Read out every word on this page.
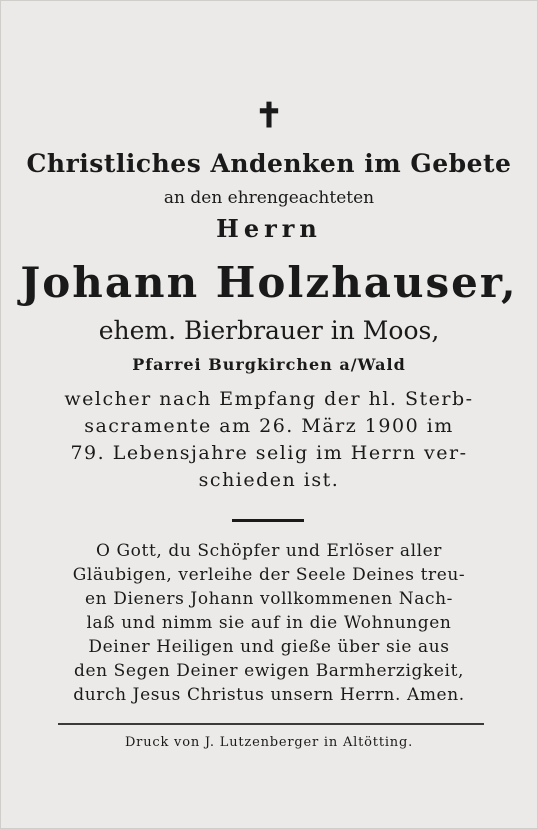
✝
Christliches Andenken im Gebete
an den ehrengeachteten
Herrn
Johann Holzhauser,
ehem. Bierbrauer in Moos,
Pfarrei Burgkirchen a/Wald
welcher nach Empfang der hl. Sterb-
sacramente am 26. März 1900 im
79. Lebensjahre selig im Herrn ver-
schieden ist.
O Gott, du Schöpfer und Erlöser aller
Gläubigen, verleihe der Seele Deines treu-
en Dieners Johann vollkommenen Nach-
laß und nimm sie auf in die Wohnungen
Deiner Heiligen und gieße über sie aus
den Segen Deiner ewigen Barmherzigkeit,
durch Jesus Christus unsern Herrn. Amen.
Druck von J. Lutzenberger in Altötting.
